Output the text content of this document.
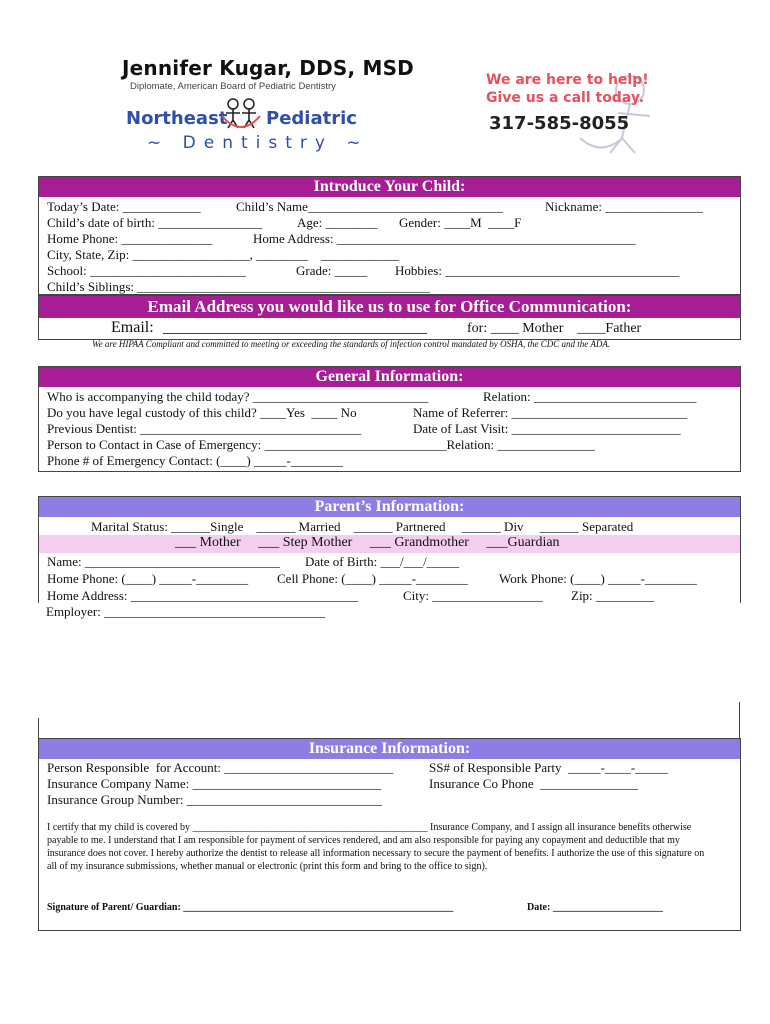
Jennifer Kugar, DDS, MSD
Diplomate, American Board of Pediatric Dentistry
Northeast Pediatric
~ Dentistry ~
We are here to help!
Give us a call today.
317-585-8055
Introduce Your Child:
Today’s Date: ____________	Child’s Name______________________________	Nickname: _______________
Child’s date of birth: ________________	Age: ________ Gender: ____M  ____F
Home Phone: ______________	Home Address: ______________________________________________
City, State, Zip: __________________, ________    ____________
School: ________________________	Grade: _____ Hobbies: ____________________________________
Child’s Siblings: _____________________________________________
Email Address you would like us to use for Office Communication:
Email: _________________________________	for: ____ Mother    ____Father
We are HIPAA Compliant and committed to meeting or exceeding the standards of infection control mandated by OSHA, the CDC and the ADA.
General Information:
Who is accompanying the child today? ___________________________	Relation: _________________________
Do you have legal custody of this child? ____Yes  ____ No	Name of Referrer: ___________________________
Previous Dentist: __________________________________	Date of Last Visit: __________________________
Person to Contact in Case of Emergency: ____________________________Relation: _______________
Phone # of Emergency Contact: (____) _____-________
Parent’s Information:
Marital Status: ______Single    ______ Married    ______ Partnered     ______ Div     ______ Separated
___ Mother     ___ Step Mother     ___ Grandmother     ___Guardian
Name: ______________________________ Date of Birth: ___/___/_____
Home Phone: (____) _____-________ Cell Phone: (____) _____-________ Work Phone: (____) _____-________
Home Address: ___________________________________	City: _________________ Zip: _________
Employer: __________________________________
Insurance Information:
Person Responsible  for Account: __________________________	SS# of Responsible Party  _____-____-_____
Insurance Company Name: _____________________________	Insurance Co Phone  _______________
Insurance Group Number: ______________________________
I certify that my child is covered by _______________________________________________ Insurance Company, and I assign all insurance benefits otherwise payable to me. I understand that I am responsible for payment of services rendered, and am also responsible for paying any copayment and deductible that my insurance does not cover. I hereby authorize the dentist to release all information necessary to secure the payment of benefits. I authorize the use of this signature on all of my insurance submissions, whether manual or electronic (print this form and bring to the office to sign).
Signature of Parent/ Guardian: ______________________________________________________	Date: ______________________
